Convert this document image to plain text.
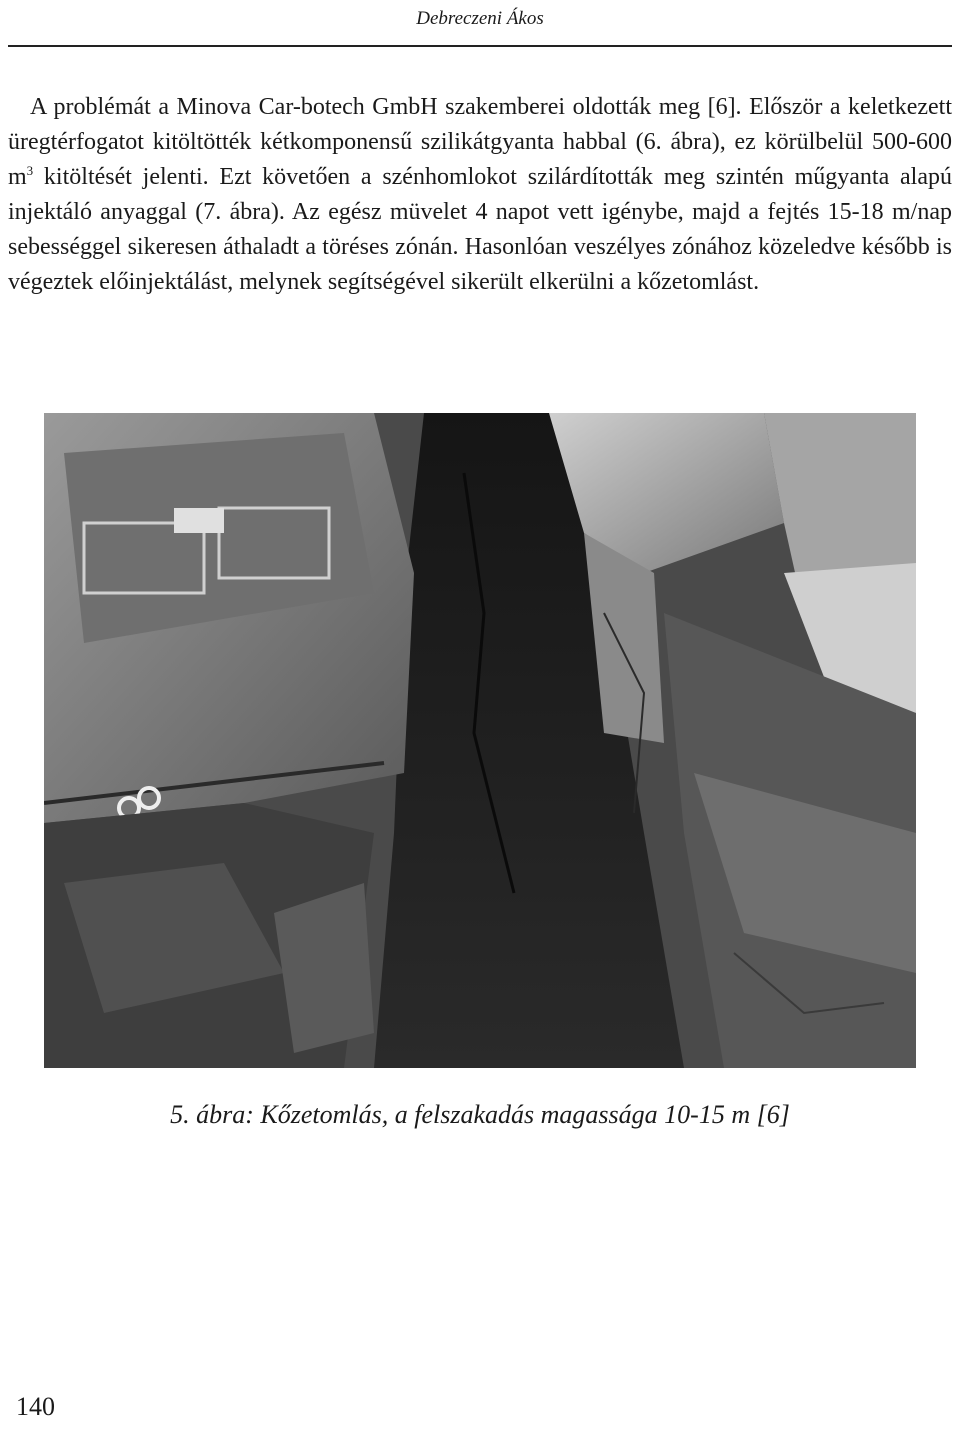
Debreczeni Ákos

A problémát a Minova Car-botech GmbH szakemberei oldották meg [6]. Először a keletkezett üregtérfogatot kitöltötték kétkomponensű szilikátgyanta habbal (6. ábra), ez körülbelül 500-600 $m^3$ kitöltését jelenti. Ezt követően a szénhomlokot szilárdították meg szintén műgyanta alapú injektáló anyaggal (7. ábra). Az egész müvelet 4 napot vett igénybe, majd a fejtés 15-18 m/nap sebességgel sikeresen áthaladt a töréses zónán. Hasonlóan veszélyes zónához közeledve később is végeztek előinjektálást, melynek segítségével sikerült elkerülni a kőzetomlást.

5. ábra: Kőzetomlás, a felszakadás magassága 10-15 m [6]
140
